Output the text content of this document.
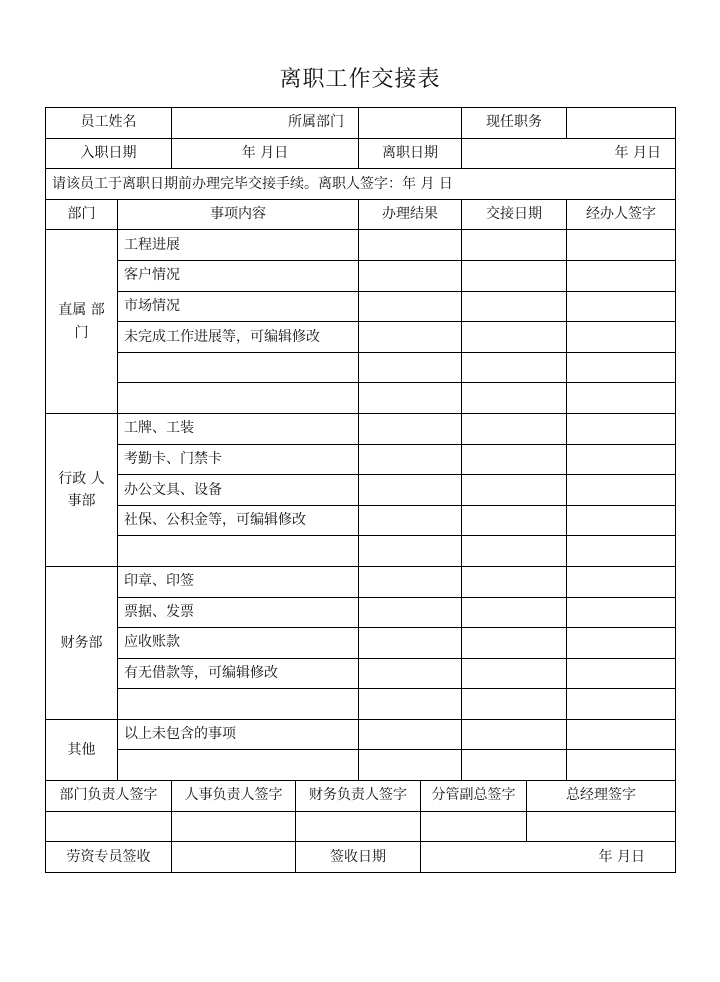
离职工作交接表
员工姓名		所属部门				现任职务		
入职日期		年 月日		离职日期		年 月日		
请该员工于离职日期前办理完毕交接手续。离职人签字：年 月 日								
部门	事项内容			办理结果		交接日期		经办人签字
直属 部门	工程进展							
	客户情况							
	市场情况							
	未完成工作进展等，可编辑修改							

行政 人事部	工牌、工装							
	考勤卡、门禁卡							
	办公文具、设备							
	社保、公积金等，可编辑修改							

财务部	印章、印签							
	票据、发票							
	应收账款							
	有无借款等，可编辑修改							

其他	以上未包含的事项							

部门负责人签字		人事负责人签字	财务负责人签字		分管副总签字		总经理签字	

劳资专员签收			签收日期		年 月日			
